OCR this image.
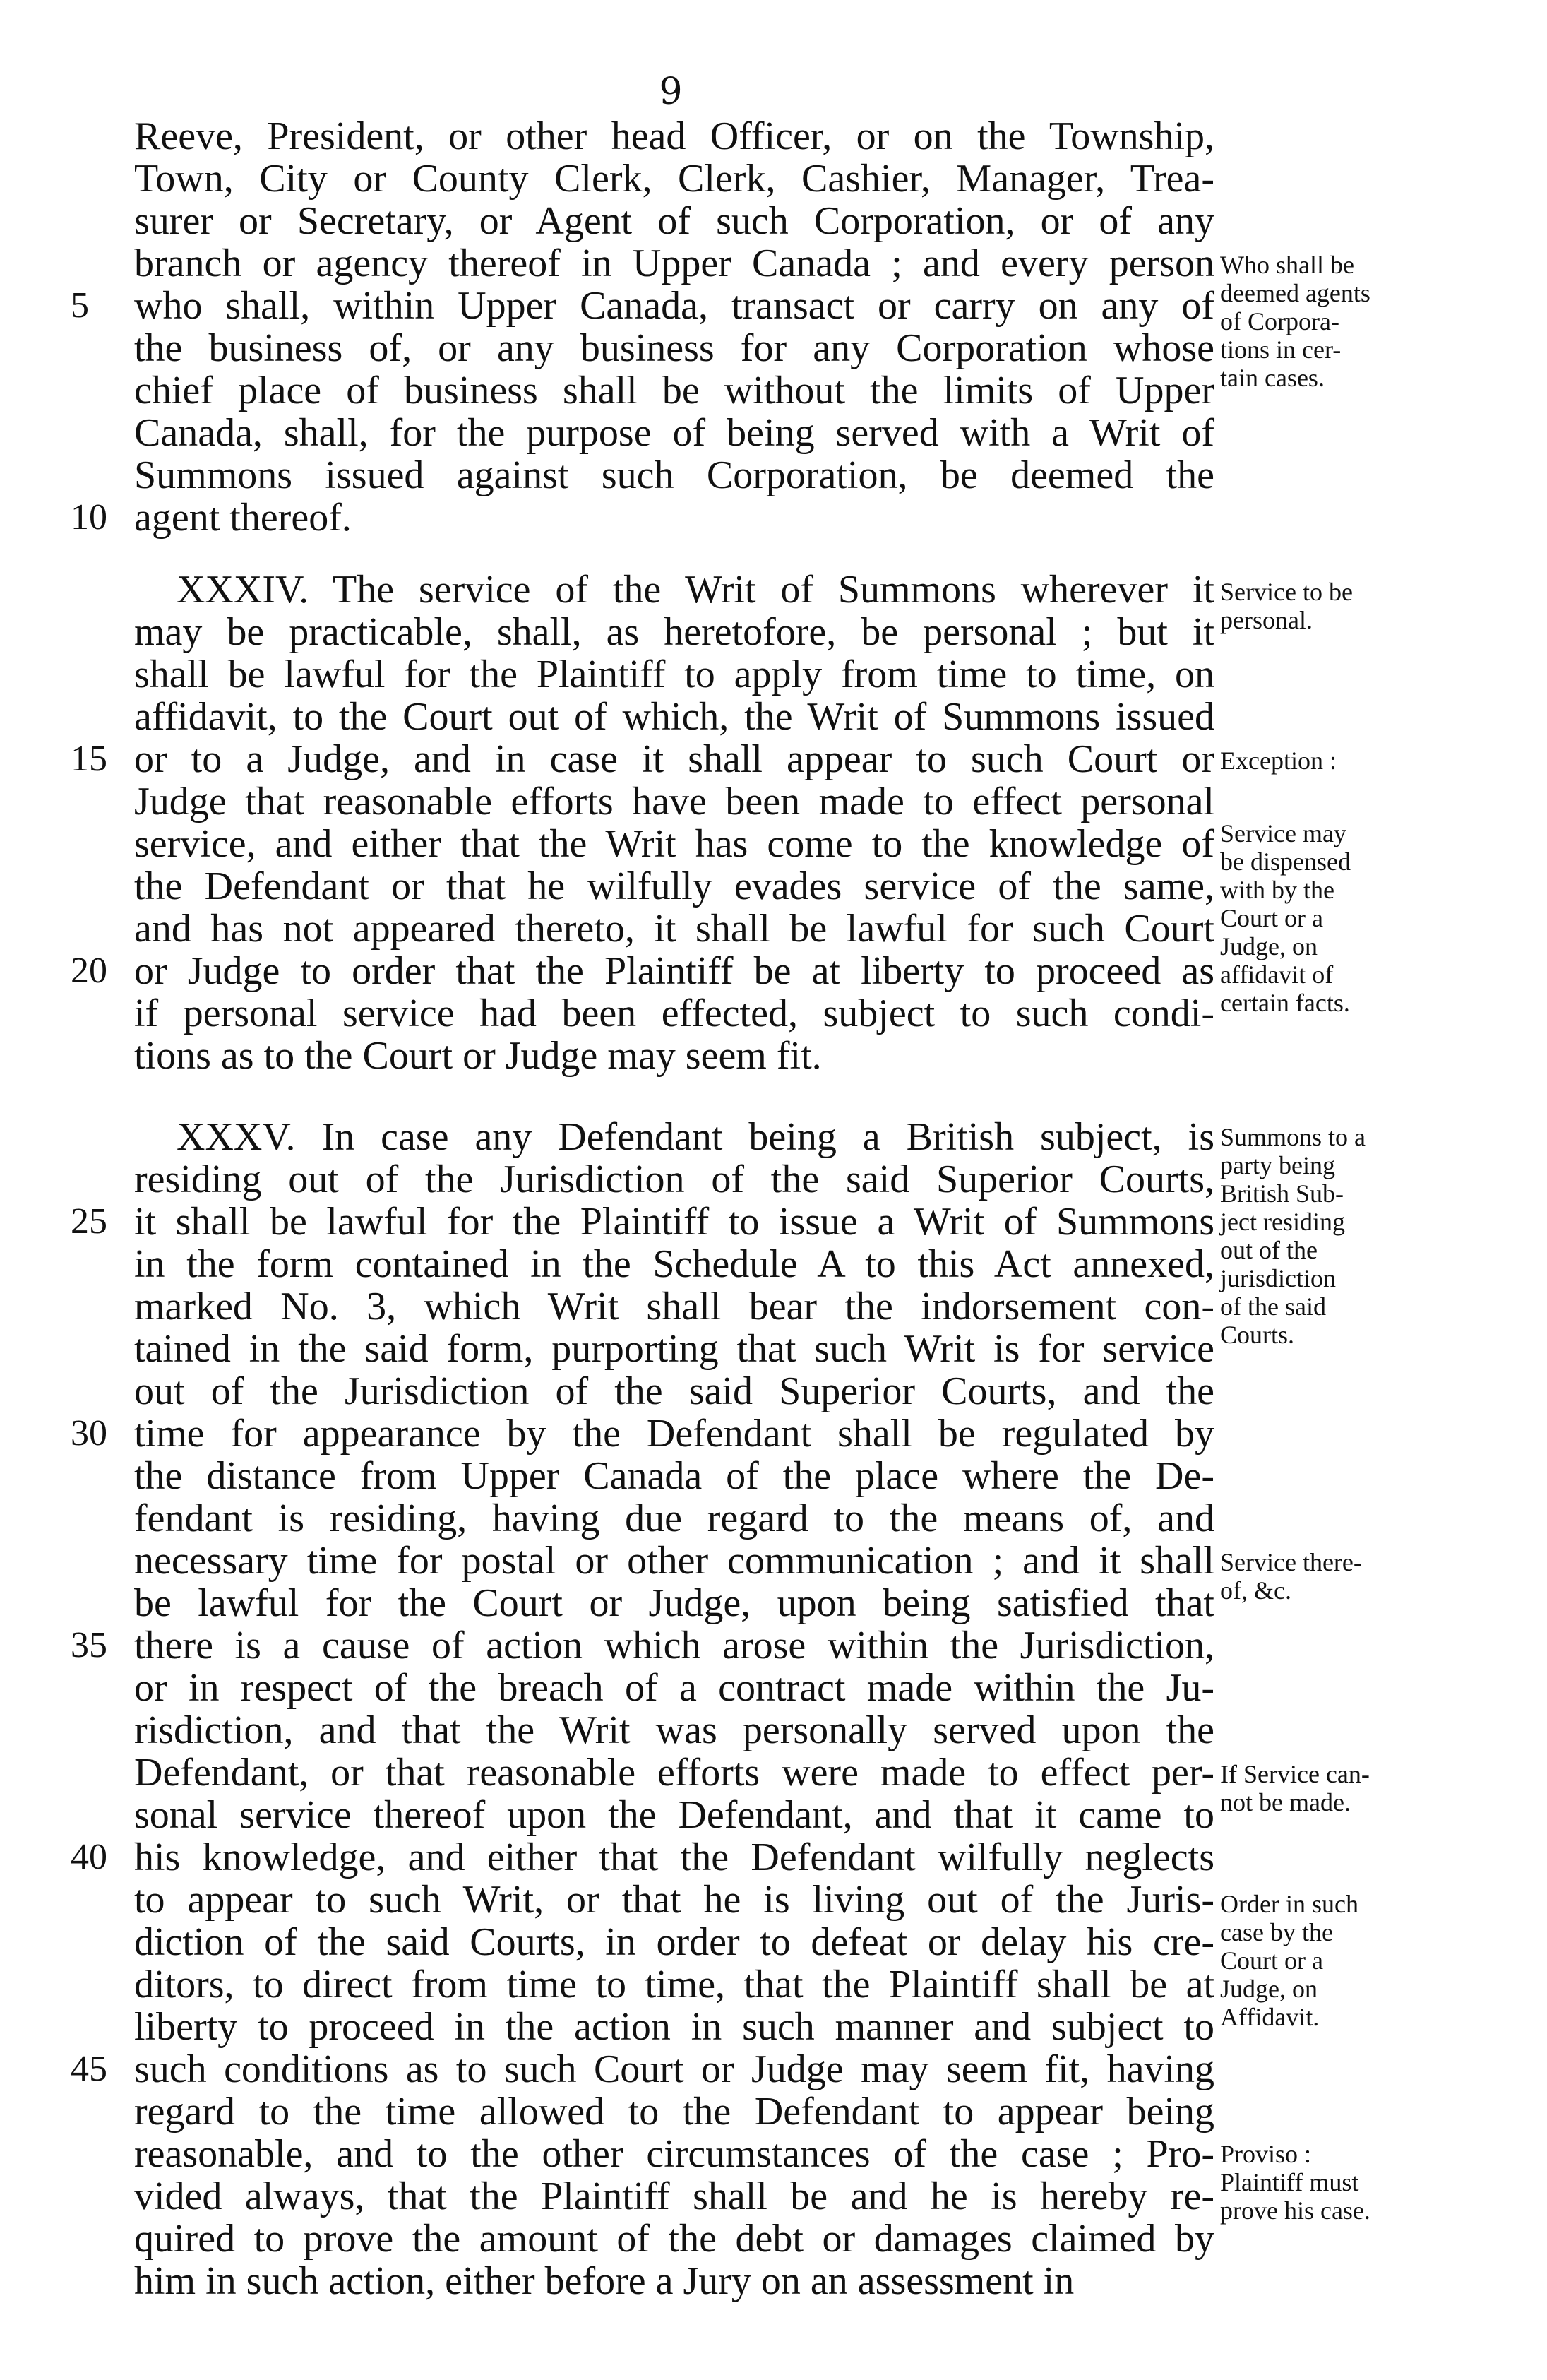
9
Reeve, President, or other head Officer, or on the Township,
Town, City or County Clerk, Clerk, Cashier, Manager, Trea-
surer or Secretary, or Agent of such Corporation, or of any
branch or agency thereof in Upper Canada ; and every person
who shall, within Upper Canada, transact or carry on any of
the business of, or any business for any Corporation whose
chief place of business shall be without the limits of Upper
Canada, shall, for the purpose of being served with a Writ of
Summons issued against such Corporation, be deemed the
agent thereof.
XXXIV. The service of the Writ of Summons wherever it
may be practicable, shall, as heretofore, be personal ; but it
shall be lawful for the Plaintiff to apply from time to time, on
affidavit, to the Court out of which, the Writ of Summons issued
or to a Judge, and in case it shall appear to such Court or
Judge that reasonable efforts have been made to effect personal
service, and either that the Writ has come to the knowledge of
the Defendant or that he wilfully evades service of the same,
and has not appeared thereto, it shall be lawful for such Court
or Judge to order that the Plaintiff be at liberty to proceed as
if personal service had been effected, subject to such condi-
tions as to the Court or Judge may seem fit.
XXXV. In case any Defendant being a British subject, is
residing out of the Jurisdiction of the said Superior Courts,
it shall be lawful for the Plaintiff to issue a Writ of Summons
in the form contained in the Schedule A to this Act annexed,
marked No. 3, which Writ shall bear the indorsement con-
tained in the said form, purporting that such Writ is for service
out of the Jurisdiction of the said Superior Courts, and the
time for appearance by the Defendant shall be regulated by
the distance from Upper Canada of the place where the De-
fendant is residing, having due regard to the means of, and
necessary time for postal or other communication ; and it shall
be lawful for the Court or Judge, upon being satisfied that
there is a cause of action which arose within the Jurisdiction,
or in respect of the breach of a contract made within the Ju-
risdiction, and that the Writ was personally served upon the
Defendant, or that reasonable efforts were made to effect per-
sonal service thereof upon the Defendant, and that it came to
his knowledge, and either that the Defendant wilfully neglects
to appear to such Writ, or that he is living out of the Juris-
diction of the said Courts, in order to defeat or delay his cre-
ditors, to direct from time to time, that the Plaintiff shall be at
liberty to proceed in the action in such manner and subject to
such conditions as to such Court or Judge may seem fit, having
regard to the time allowed to the Defendant to appear being
reasonable, and to the other circumstances of the case ; Pro-
vided always, that the Plaintiff shall be and he is hereby re-
quired to prove the amount of the debt or damages claimed by
him in such action, either before a Jury on an assessment in
5
10
15
20
25
30
35
40
45
Who shall be
deemed agents
of Corpora-
tions in cer-
tain cases.
Service to be
personal.
Exception :
Service may
be dispensed
with by the
Court or a
Judge, on
affidavit of
certain facts.
Summons to a
party being
British Sub-
ject residing
out of the
jurisdiction
of the said
Courts.
Service there-
of, &c.
If Service can-
not be made.
Order in such
case by the
Court or a
Judge, on
Affidavit.
Proviso :
Plaintiff must
prove his case.
